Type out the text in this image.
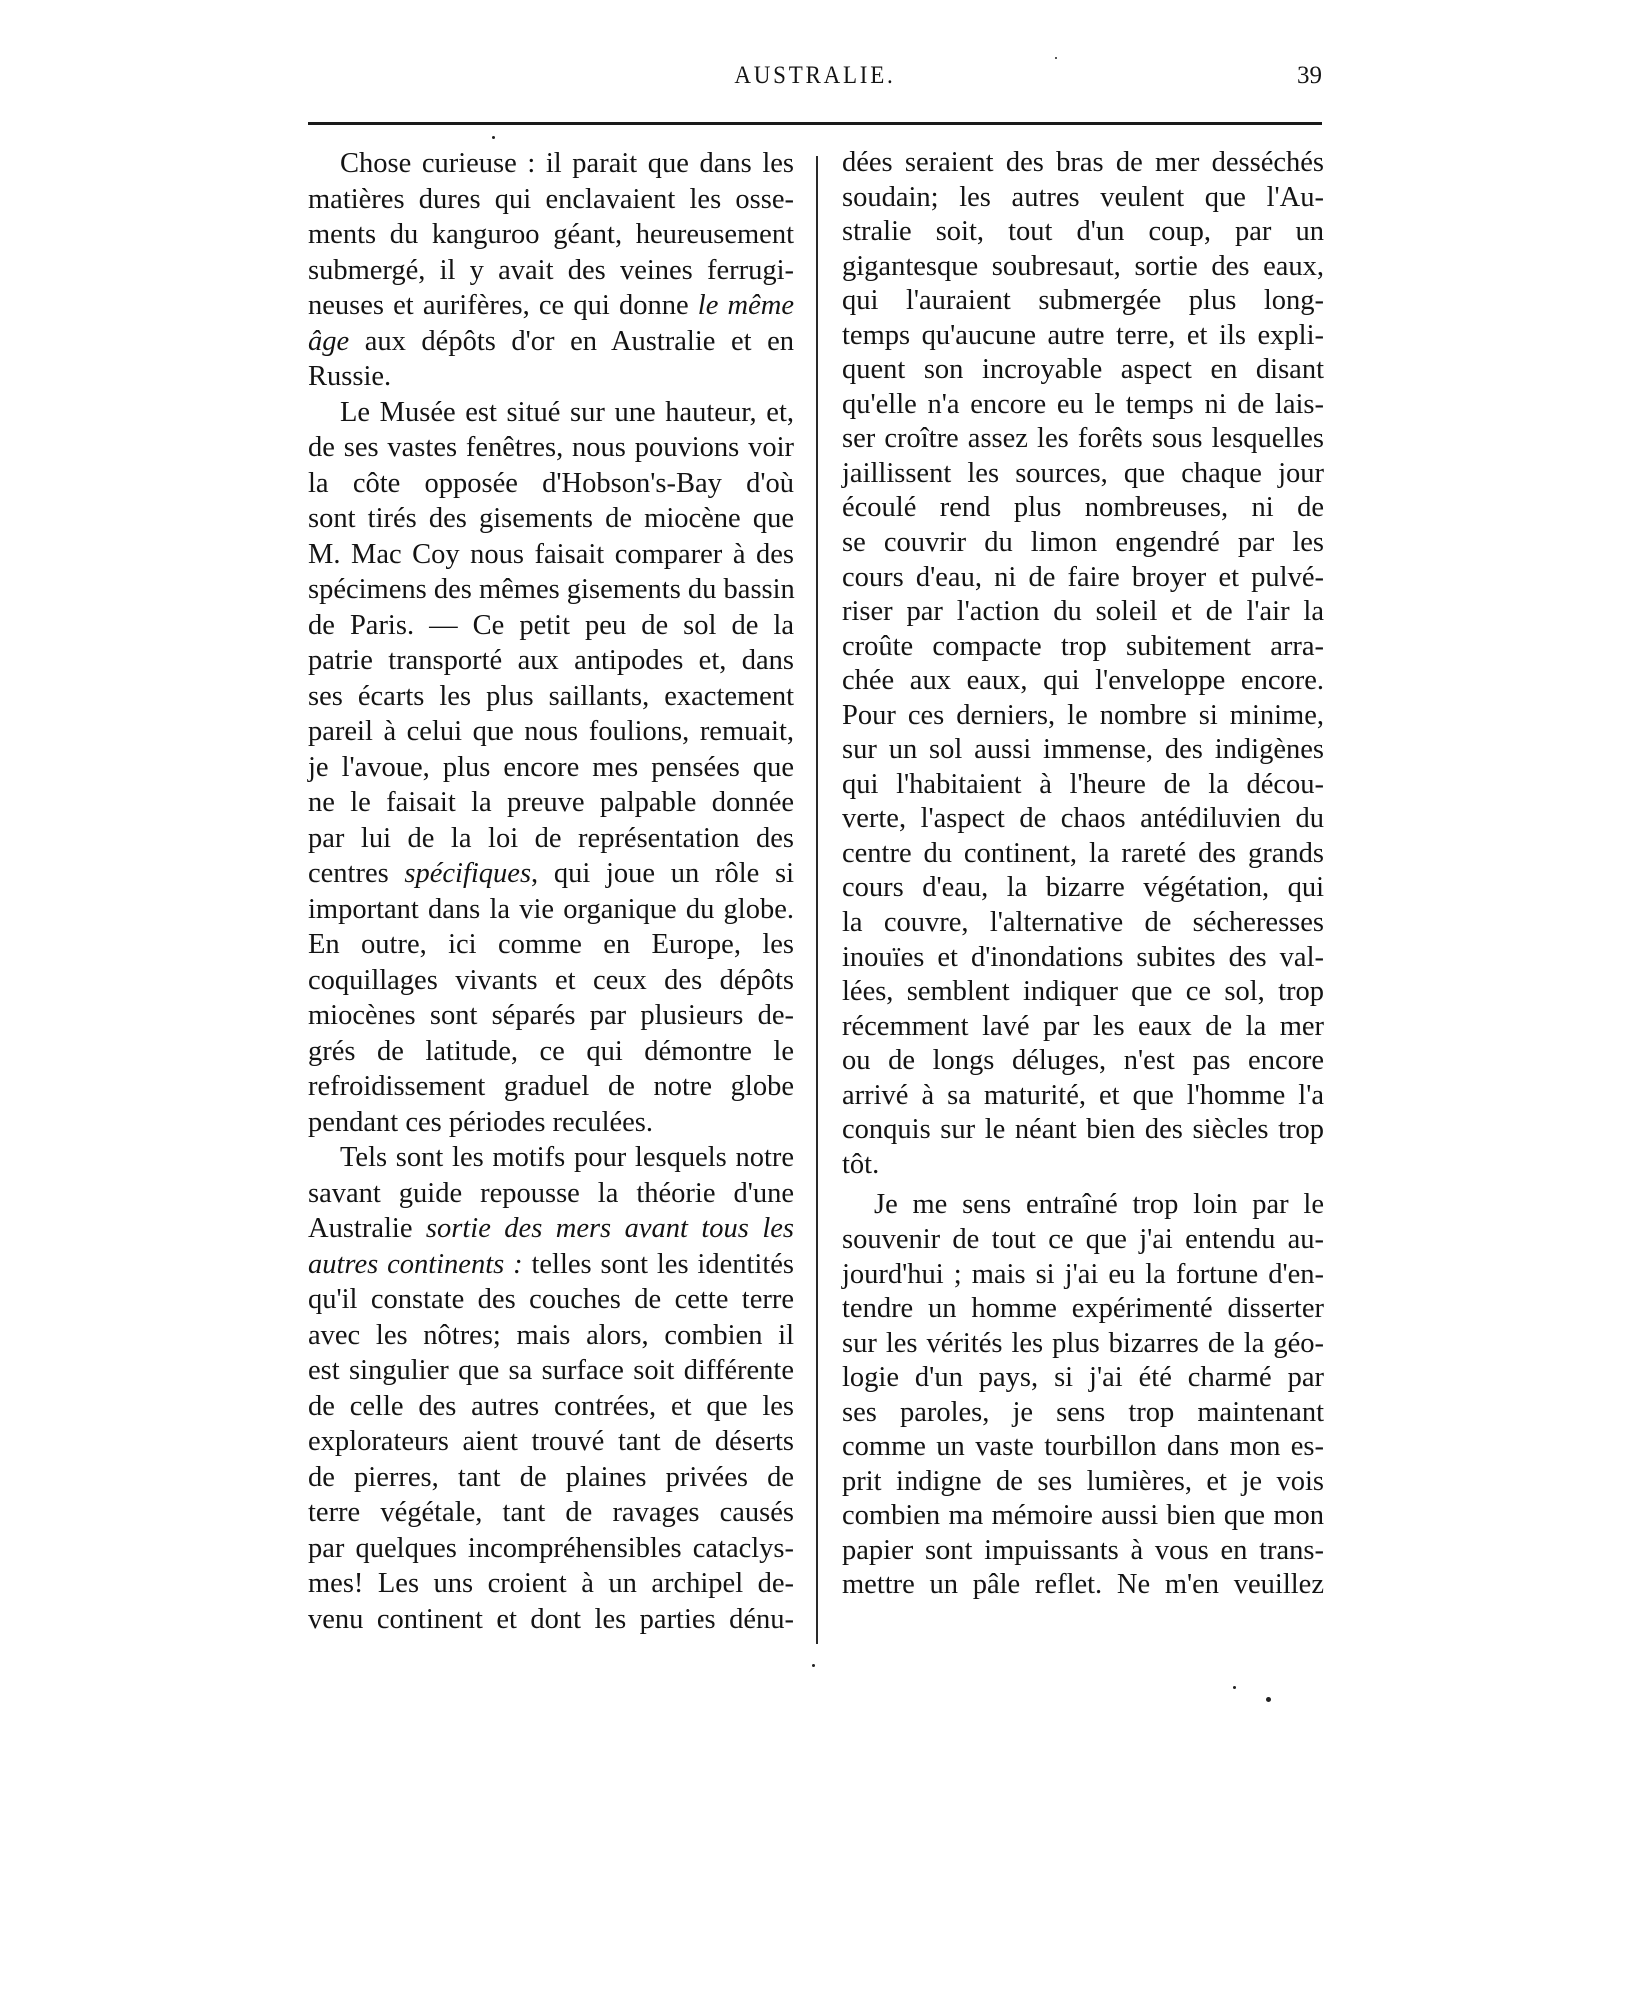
AUSTRALIE.	39
Chose curieuse : il parait que dans les
matières dures qui enclavaient les osse-
ments du kanguroo géant, heureusement
submergé, il y avait des veines ferrugi-
neuses et aurifères, ce qui donne le même
âge aux dépôts d'or en Australie et en
Russie.
Le Musée est situé sur une hauteur, et,
de ses vastes fenêtres, nous pouvions voir
la côte opposée d'Hobson's-Bay d'où
sont tirés des gisements de miocène que
M. Mac Coy nous faisait comparer à des
spécimens des mêmes gisements du bassin
de Paris. — Ce petit peu de sol de la
patrie transporté aux antipodes et, dans
ses écarts les plus saillants, exactement
pareil à celui que nous foulions, remuait,
je l'avoue, plus encore mes pensées que
ne le faisait la preuve palpable donnée
par lui de la loi de représentation des
centres spécifiques, qui joue un rôle si
important dans la vie organique du globe.
En outre, ici comme en Europe, les
coquillages vivants et ceux des dépôts
miocènes sont séparés par plusieurs de-
grés de latitude, ce qui démontre le
refroidissement graduel de notre globe
pendant ces périodes reculées.
Tels sont les motifs pour lesquels notre
savant guide repousse la théorie d'une
Australie sortie des mers avant tous les
autres continents : telles sont les identités
qu'il constate des couches de cette terre
avec les nôtres; mais alors, combien il
est singulier que sa surface soit différente
de celle des autres contrées, et que les
explorateurs aient trouvé tant de déserts
de pierres, tant de plaines privées de
terre végétale, tant de ravages causés
par quelques incompréhensibles cataclys-
mes! Les uns croient à un archipel de-
venu continent et dont les parties dénu-
dées seraient des bras de mer desséchés
soudain; les autres veulent que l'Au-
stralie soit, tout d'un coup, par un
gigantesque soubresaut, sortie des eaux,
qui l'auraient submergée plus long-
temps qu'aucune autre terre, et ils expli-
quent son incroyable aspect en disant
qu'elle n'a encore eu le temps ni de lais-
ser croître assez les forêts sous lesquelles
jaillissent les sources, que chaque jour
écoulé rend plus nombreuses, ni de
se couvrir du limon engendré par les
cours d'eau, ni de faire broyer et pulvé-
riser par l'action du soleil et de l'air la
croûte compacte trop subitement arra-
chée aux eaux, qui l'enveloppe encore.
Pour ces derniers, le nombre si minime,
sur un sol aussi immense, des indigènes
qui l'habitaient à l'heure de la décou-
verte, l'aspect de chaos antédiluvien du
centre du continent, la rareté des grands
cours d'eau, la bizarre végétation, qui
la couvre, l'alternative de sécheresses
inouïes et d'inondations subites des val-
lées, semblent indiquer que ce sol, trop
récemment lavé par les eaux de la mer
ou de longs déluges, n'est pas encore
arrivé à sa maturité, et que l'homme l'a
conquis sur le néant bien des siècles trop
tôt.
Je me sens entraîné trop loin par le
souvenir de tout ce que j'ai entendu au-
jourd'hui ; mais si j'ai eu la fortune d'en-
tendre un homme expérimenté disserter
sur les vérités les plus bizarres de la géo-
logie d'un pays, si j'ai été charmé par
ses paroles, je sens trop maintenant
comme un vaste tourbillon dans mon es-
prit indigne de ses lumières, et je vois
combien ma mémoire aussi bien que mon
papier sont impuissants à vous en trans-
mettre un pâle reflet. Ne m'en veuillez
